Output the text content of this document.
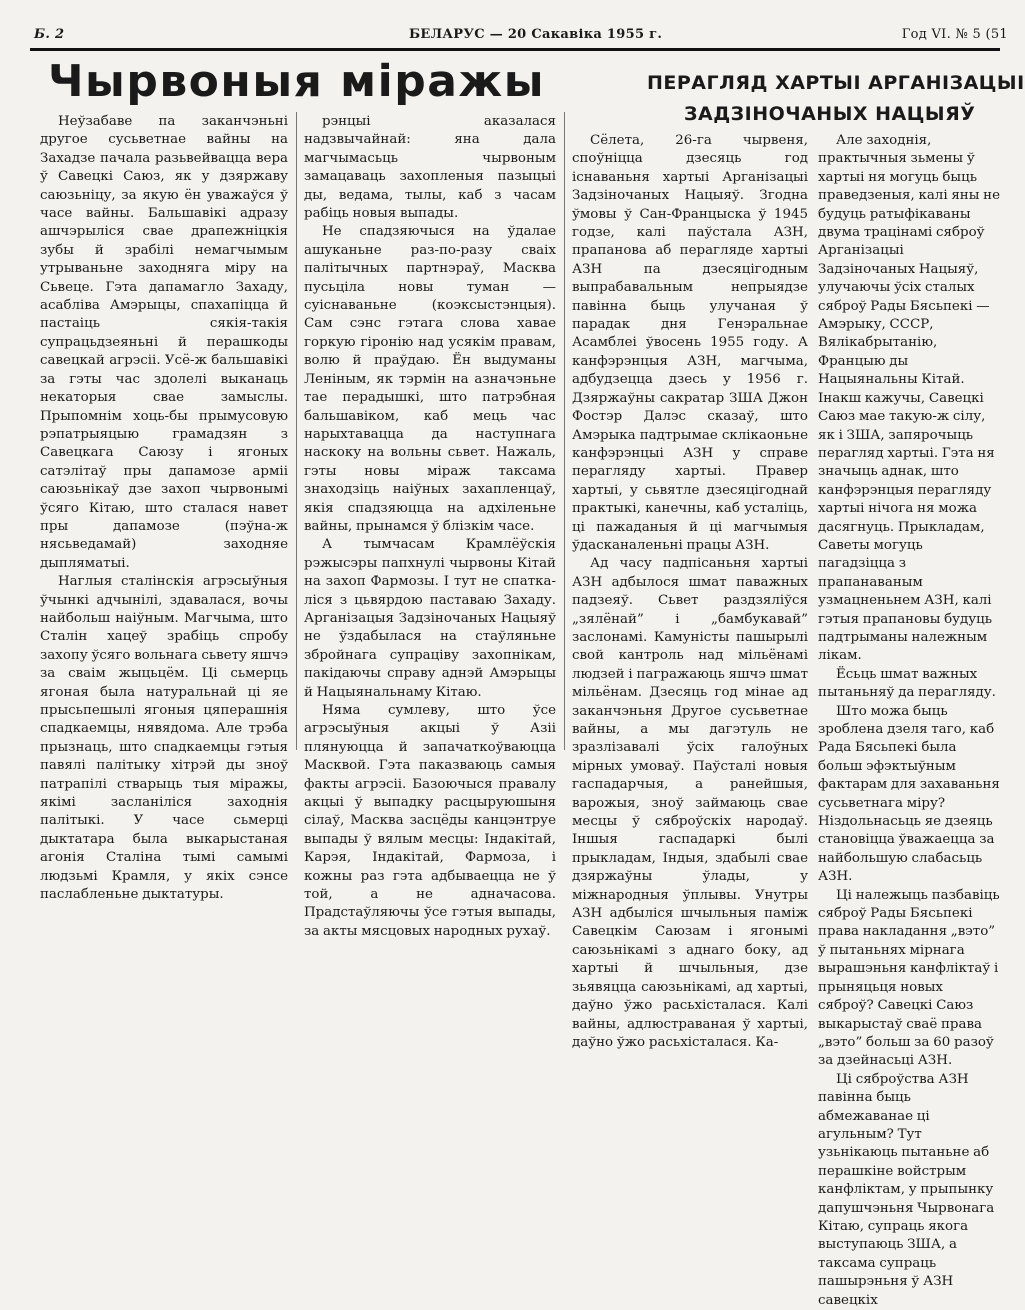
Б. 2	БЕЛАРУС — 20 Сакавіка 1955 г.	Год VI. № 5 (51
Чырвоныя міражы	ПЕРАГЛЯД ХАРТЫІ АРГАНІЗАЦЫІ
ЗАДЗІНОЧАНЫХ НАЦЫЯЎ

Неўзабаве па заканчэньні другое сусьветнае вайны на Захадзе пачала разьвейвацца вера ў Савецкі Саюз, як у дзяржаву саюзьніцу, за якую ён уважаўся ў часе вайны. Бальшавікі адразу ашчэрыліся свае драпежніцкія зубы й зрабілі немагчымым утрываньне заходняга міру на Сьвеце. Гэта дапамагло Захаду, асабліва Амэрыцы, спахапіцца й пастаіць сякія-такія супрацьдзеяньні й перашкоды савецкай агрэсіі. Усё-ж бальшавікі за гэты час здолелі выканаць некаторыя свае замыслы. Прыпомнім хоць-бы прымусовую рэпатрыяцыю грамадзян з Савецкага Саюзу і ягоных сатэлітаў пры дапамозе арміі саюзьнікаў дзе захоп чырвонымі ўсяго Кітаю, што сталася навет пры дапамозе (пэўна-ж нясьведамай) заходняе дыпляматыі.

Наглыя сталінскія агрэсыўныя ўчынкі адчынілі, здавалася, вочы найбольш наіўным. Магчыма, што Сталін хацеў зрабіць спробу захопу ўсяго вольнага сьвету яшчэ за сваім жыцьцём. Ці сьмерць ягоная была натуральнай ці яе прысьпешылі ягоныя цяперашнія спадкаемцы, нявядома. Але трэба прызнаць, што спадкаемцы гэтыя павялі палітыку хітрэй ды зноў патрапілі стварыць тыя міражы, якімі засланіліся заходнія палітыкі. У часе сьмерці дыктатара была выкарыстаная агонія Сталіна тымі самымі людзьмі Крамля, у якіх сэнсе паслабленьне дыктатуры.

рэнцыі аказалася надзвычайнай: яна дала магчымасьць чырвоным замацаваць захопленыя пазыцыі ды, ведама, тылы, каб з часам рабіць новыя выпады.

Не спадзяючыся на ўдалае ашуканьне раз-по-разу сваіх палітычных партнэраў, Масква пусьціла новы туман — суіснаваньне (коэксыстэнцыя). Сам сэнс гэтага слова хавае горкую гіронію над усякім правам, волю й праўдаю. Ён выдуманы Леніным, як тэрмін на азначэньне тае перадышкі, што патрэбная бальшавіком, каб мець час нарыхтавацца да наступнага наскоку на вольны сьвет. Нажаль, гэты новы міраж таксама знаходзіць наіўных захапленцаў, якія спадзяюцца на адхіленьне вайны, прынамся ў блізкім часе.

А тымчасам Крамлёўскія рэжысэры папхнулі чырвоны Кітай на захоп Фармозы. І тут не спаткаліся з цьвярдою паставаю Захаду. Арганізацыя Задзіночаных Нацыяў не ўздабылася на стаўляньне збройнага супраціву захопнікам, пакідаючы справу аднэй Амэрыцы й Нацыянальнаму Кітаю.

Няма сумлеву, што ўсе агрэсыўныя акцыі ў Азіі плянуюцца й запачаткоўваюцца Масквой. Гэта паказваюць самыя факты агрэсіі. Базоючыся правалу акцыі ў выпадку расцыруюшыня сілаў, Масква засцёды канцэнтруе выпады ў вялым месцы: Індакітай, Карэя, Індакітай, Фармоза, і кожны раз гэта адбываецца не ў той, а не адначасова. Прадстаўляючы ўсе гэтыя выпады, за акты мясцовых народных рухаў.

Сёлета, 26-га чырвеня, споўніцца дзесяць год існаваньня хартыі Арганізацыі Задзіночаных Нацыяў. Згодна ўмовы ў Сан-Францыска ў 1945 годзе, калі паўстала АЗН, прапанова аб перагляде хартыі АЗН па дзесяцігодным выпрабавальным непрыядзе павінна быць улучаная ў парадак дня Генэральнае Асамблеі ўвосень 1955 году. А канфэрэнцыя АЗН, магчыма, адбудзецца дзесь у 1956 г. Дзяржаўны сакратар ЗША Джон Фостэр Далэс сказаў, што Амэрыка падтрымае склікаоньне канфэрэнцыі АЗН у справе перагляду хартыі. Правер хартыі, у сьвятле дзесяцігоднай практыкі, канечны, каб усталіць, ці пажаданыя й ці магчымыя ўдасканаленьні працы АЗН.

Ад часу падпісаньня хартыі АЗН адбылося шмат паважных падзеяў. Сьвет раздзяліўся „зялёнай” і „бамбукавай” заслонамі. Камуністы пашырылі свой кантроль над мільёнамі людзей і пагражаюць яшчэ шмат мільёнам. Дзесяць год мінае ад заканчэньня Другое сусьветнае вайны, а мы дагэтуль не зразлізавалі ўсіх галоўных мірных умоваў. Паўсталі новыя гаспадарчыя, а ранейшыя, варожыя, зноў займаюць свае месцы ў сяброўскіх народаў. Іншыя гаспадаркі былі прыкладам, Індыя, здабылі свае дзяржаўны ўлады, у міжнародныя ўплывы. Унутры АЗН адбыліся шчыльныя паміж Савецкім Саюзам і ягонымі саюзьнікамі з аднаго боку, ад хартыі й шчыльныя, дзе зьявяцца саюзьнікамі, ад хартыі, даўно ўжо расьхісталася. Калі вайны, адлюстраваная ў хартыі, даўно ўжо расьхісталася. Ка-

Але заходнія, практычныя зьмены ў хартыі ня могуць быць праведзеныя, калі яны не будуць ратыфікаваны двума трацінамі сяброў Арганізацыі Задзіночаных Нацыяў, улучаючы ўсіх сталых сяброў Рады Бясьпекі — Амэрыку, СССР, Вялікабрытанію, Францыю ды Нацыянальны Кітай. Інакш кажучы, Савецкі Саюз мае такую-ж сілу, як і ЗША, запярочыць перагляд хартыі. Гэта ня значыць аднак, што канфэрэнцыя перагляду хартыі нічога ня можа дасягнуць. Прыкладам, Саветы могуць пагадзіцца з прапанаваным узмацненьнем АЗН, калі гэтыя прапановы будуць падтрыманы належным лікам.

Ёсьць шмат важных пытаньняў да перагляду.

Што можа быць зроблена дзеля таго, каб Рада Бясьпекі была больш эфэктыўным фактарам для захаваньня сусьветнага міру? Ніздольнасьць яе дзеяць становіцца ўважаецца за найбольшую слабасьць АЗН.

Ці належыць пазбавіць сяброў Рады Бясьпекі права накладання „вэто” ў пытаньнях мірнага вырашэньня канфліктаў і прыняцьця новых сяброў? Савецкі Саюз выкарыстаў сваё права „вэто” больш за 60 разоў за дзейнасьці АЗН.

Ці сяброўства АЗН павінна быць абмежаванае ці агульным? Тут узьнікаюць пытаньне аб перашкіне войстрым канфліктам, у прыпынку дапушчэньня Чырвонага Кітаю, супраць якога выступаюць ЗША, а таксама супраць пашырэньня ў АЗН савецкіх
